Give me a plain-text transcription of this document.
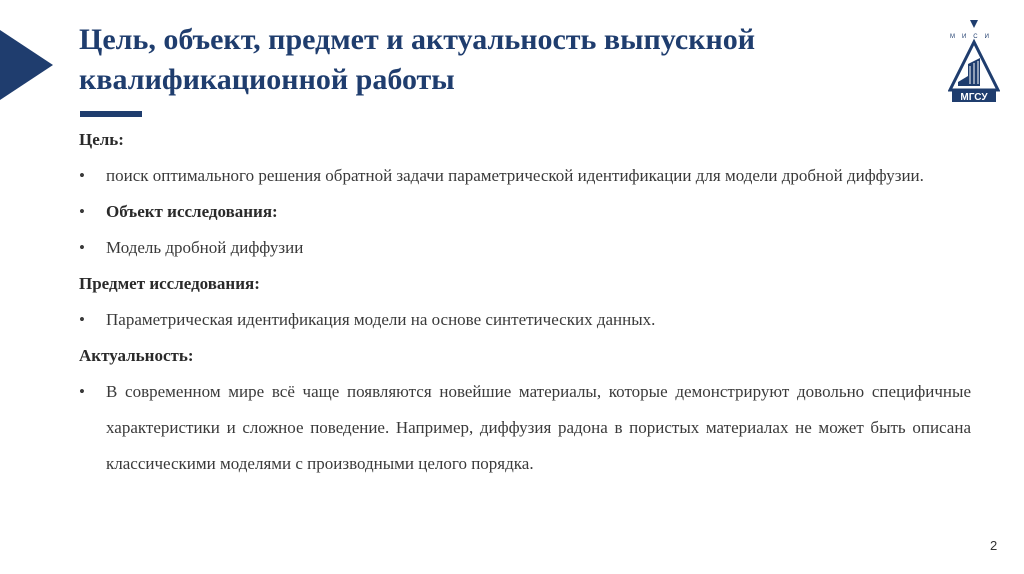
Цель, объект, предмет и актуальность выпускной
квалификационной работы
МИСИ
МГСУ
Цель:
• поиск оптимального решения обратной задачи параметрической идентификации для модели дробной диффузии.
• Объект исследования:
• Модель дробной диффузии
Предмет исследования:
• Параметрическая идентификация модели на основе синтетических данных.
Актуальность:
• В современном мире всё чаще появляются новейшие материалы, которые демонстрируют довольно специфичные характеристики и сложное поведение. Например, диффузия радона в пористых материалах не может быть описана классическими моделями с производными целого порядка.
2
